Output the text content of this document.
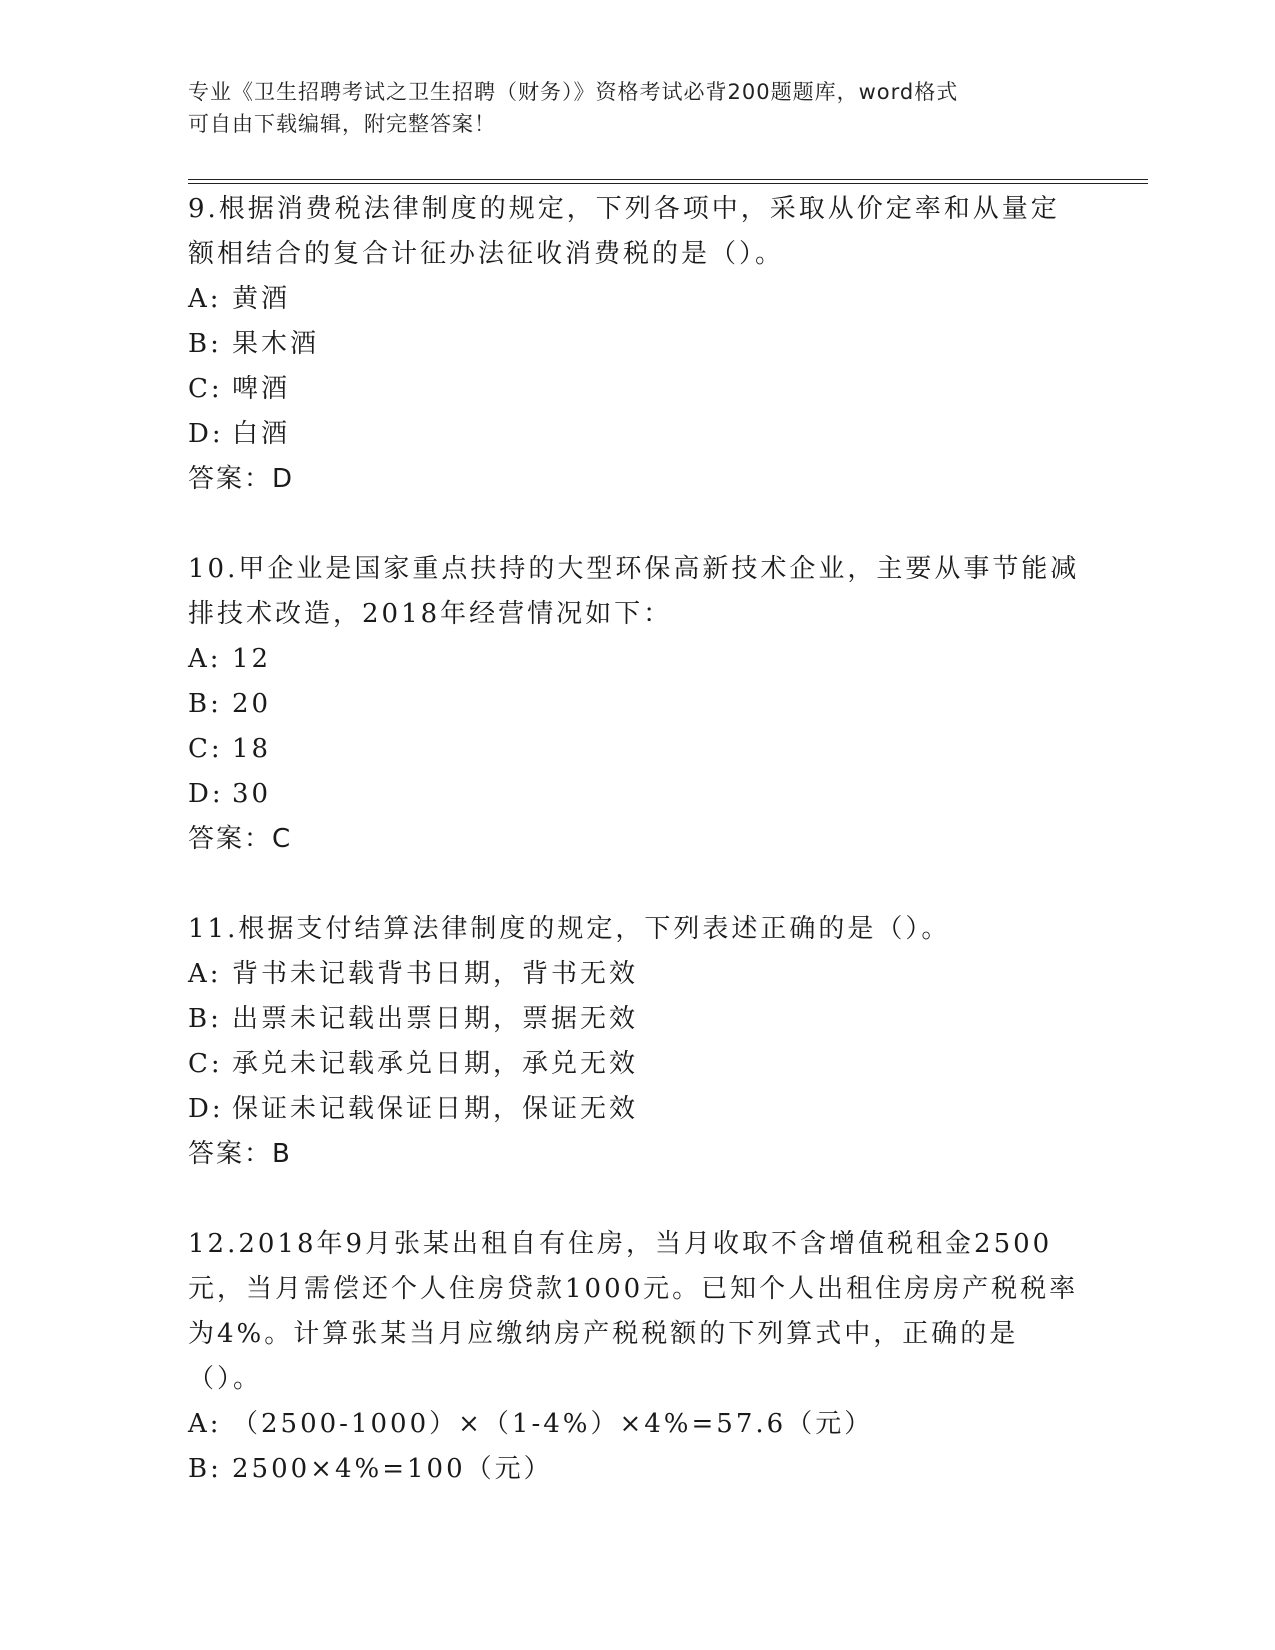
专业《卫生招聘考试之卫生招聘（财务）》资格考试必背200题题库，word格式
可自由下载编辑，附完整答案！

9.根据消费税法律制度的规定，下列各项中，采取从价定率和从量定额相结合的复合计征办法征收消费税的是（）。

A: 黄酒
B: 果木酒
C: 啤酒
D: 白酒
答案：D

10.甲企业是国家重点扶持的大型环保高新技术企业，主要从事节能减排技术改造，2018年经营情况如下：

A: 12
B: 20
C: 18
D: 30
答案：C

11.根据支付结算法律制度的规定，下列表述正确的是（）。

A: 背书未记载背书日期，背书无效
B: 出票未记载出票日期，票据无效
C: 承兑未记载承兑日期，承兑无效
D: 保证未记载保证日期，保证无效
答案：B

12.2018年9月张某出租自有住房，当月收取不含增值税租金2500元，当月需偿还个人住房贷款1000元。已知个人出租住房房产税税率为4%。计算张某当月应缴纳房产税税额的下列算式中，正确的是（）。

A: （2500-1000）×（1-4%）×4%=57.6（元）
B: 2500×4%=100（元）
